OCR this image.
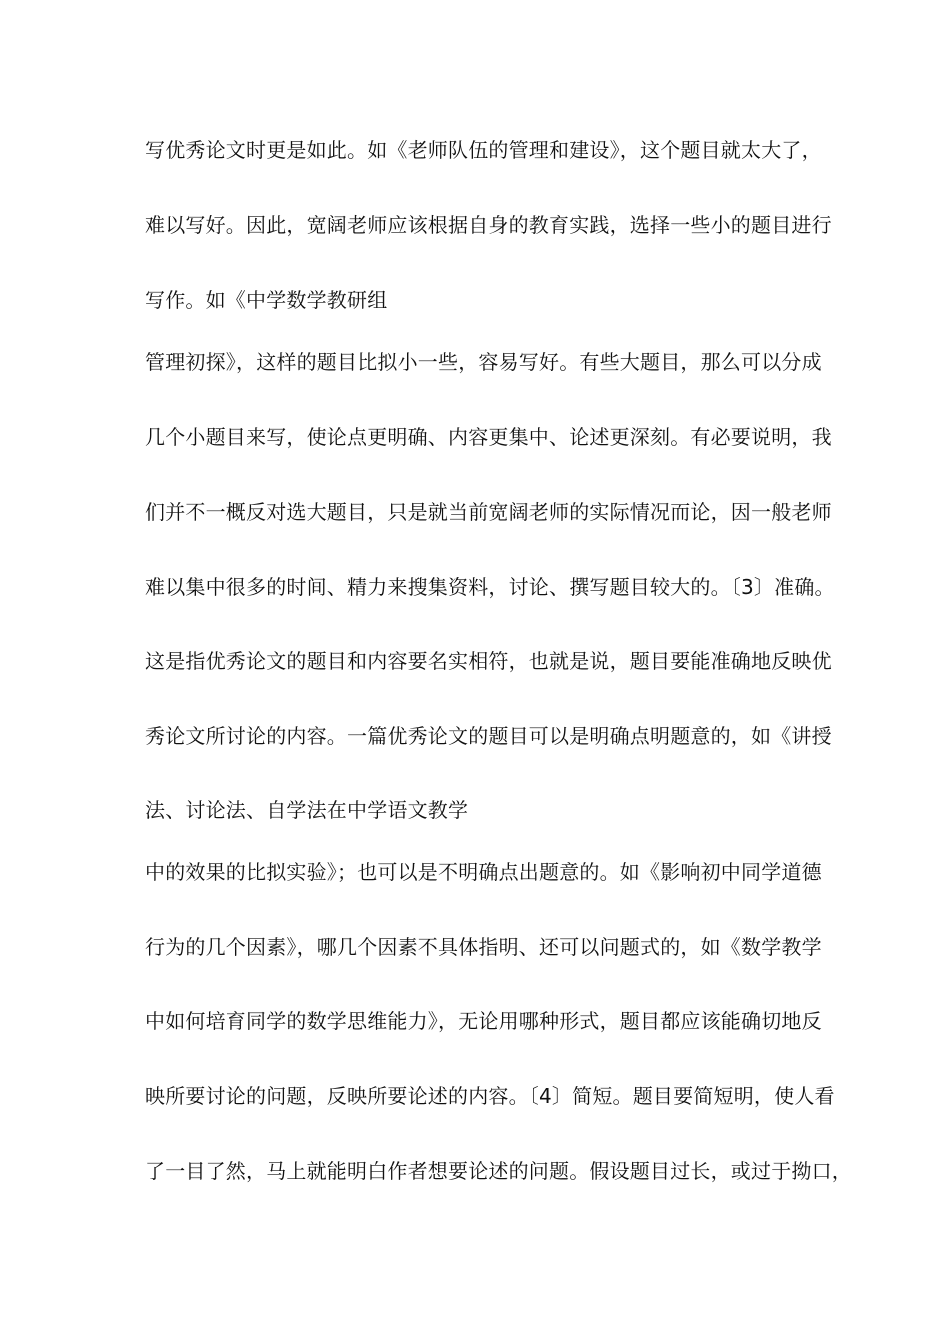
写优秀论文时更是如此。如《老师队伍的管理和建设》，这个题目就太大了，
难以写好。因此，宽阔老师应该根据自身的教育实践，选择一些小的题目进行
写作。如《中学数学教研组
管理初探》，这样的题目比拟小一些，容易写好。有些大题目，那么可以分成
几个小题目来写，使论点更明确、内容更集中、论述更深刻。有必要说明，我
们并不一概反对选大题目，只是就当前宽阔老师的实际情况而论，因一般老师
难以集中很多的时间、精力来搜集资料，讨论、撰写题目较大的。〔3〕准确。
这是指优秀论文的题目和内容要名实相符，也就是说，题目要能准确地反映优
秀论文所讨论的内容。一篇优秀论文的题目可以是明确点明题意的，如《讲授
法、讨论法、自学法在中学语文教学
中的效果的比拟实验》；也可以是不明确点出题意的。如《影响初中同学道德
行为的几个因素》，哪几个因素不具体指明、还可以问题式的，如《数学教学
中如何培育同学的数学思维能力》，无论用哪种形式，题目都应该能确切地反
映所要讨论的问题，反映所要论述的内容。〔4〕简短。题目要简短明，使人看
了一目了然，马上就能明白作者想要论述的问题。假设题目过长，或过于拗口，
